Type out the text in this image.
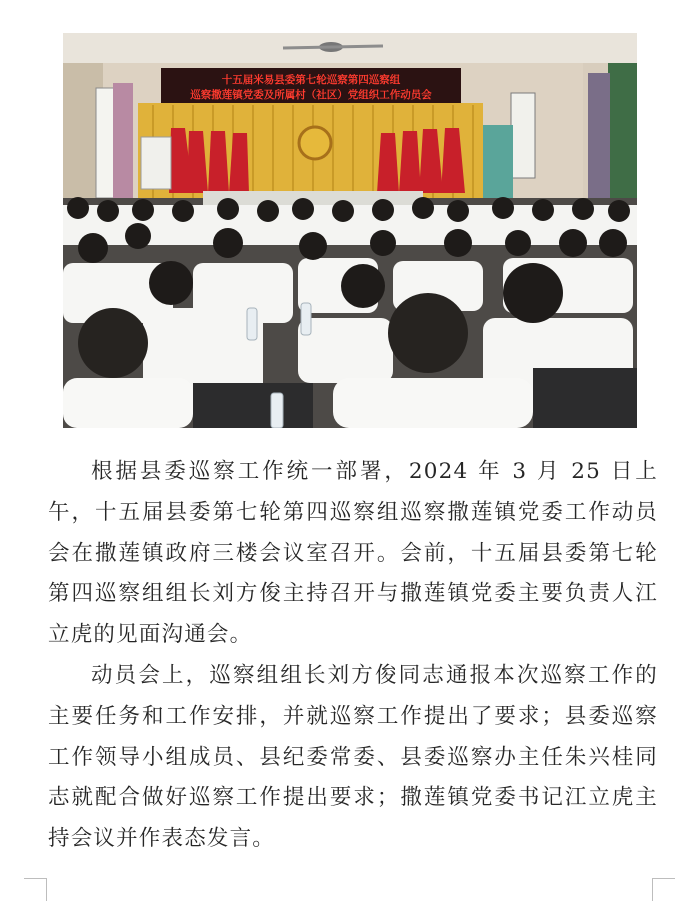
十五届米易县委第七轮巡察第四巡察组
巡察撒莲镇党委及所属村（社区）党组织工作动员会

根据县委巡察工作统一部署，2024 年 3 月 25 日上午，十五届县委第七轮第四巡察组巡察撒莲镇党委工作动员会在撒莲镇政府三楼会议室召开。会前，十五届县委第七轮第四巡察组组长刘方俊主持召开与撒莲镇党委主要负责人江立虎的见面沟通会。

动员会上，巡察组组长刘方俊同志通报本次巡察工作的主要任务和工作安排，并就巡察工作提出了要求；县委巡察工作领导小组成员、县纪委常委、县委巡察办主任朱兴桂同志就配合做好巡察工作提出要求；撒莲镇党委书记江立虎主持会议并作表态发言。
